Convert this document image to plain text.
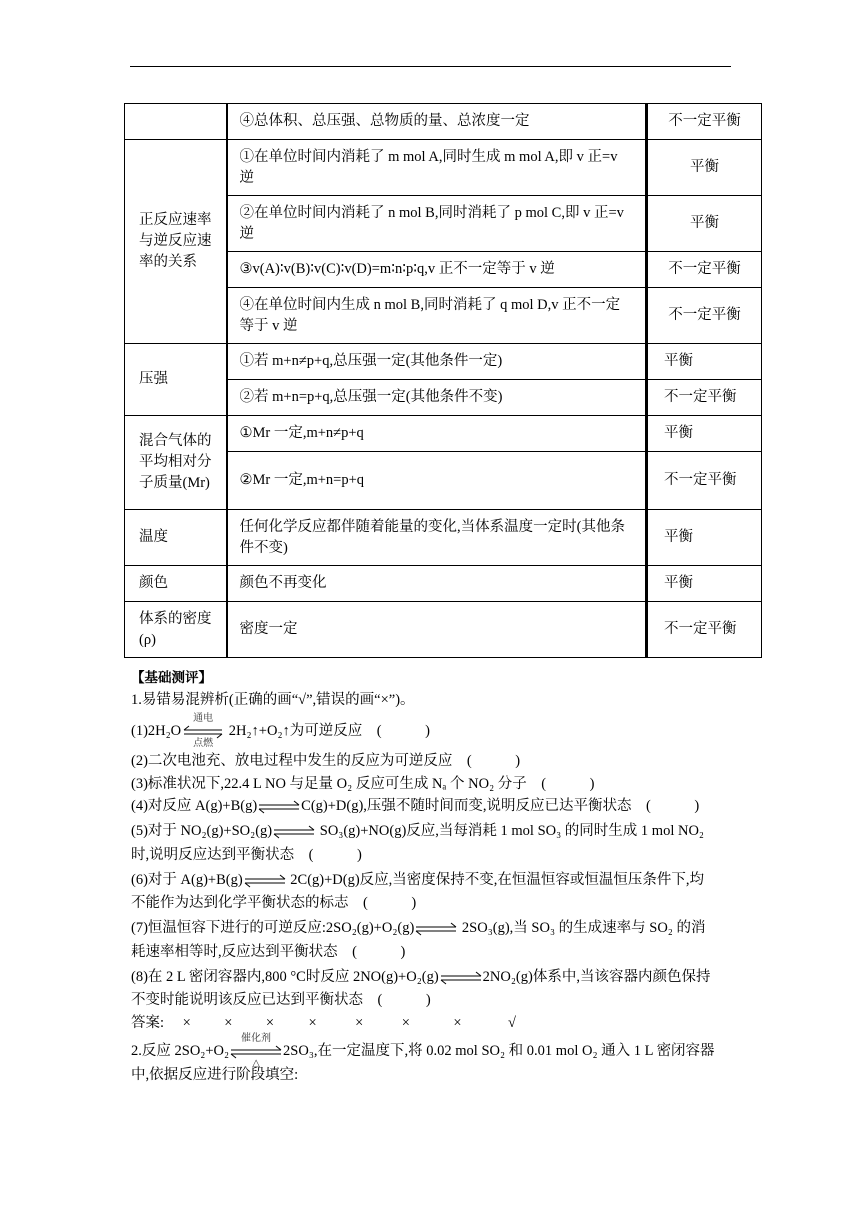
	④总体积、总压强、总物质的量、总浓度一定	不一定平衡
正反应速率与逆反应速率的关系	①在单位时间内消耗了 m mol A,同时生成 m mol A,即 v 正=v 逆	平衡
	②在单位时间内消耗了 n mol B,同时消耗了 p mol C,即 v 正=v 逆	平衡
	③v(A)∶v(B)∶v(C)∶v(D)=m∶n∶p∶q,v 正不一定等于 v 逆	不一定平衡
	④在单位时间内生成 n mol B,同时消耗了 q mol D,v 正不一定等于 v 逆	不一定平衡
压强	①若 m+n≠p+q,总压强一定(其他条件一定)	平衡
	②若 m+n=p+q,总压强一定(其他条件不变)	不一定平衡
混合气体的平均相对分子质量(Mr)	①Mr 一定,m+n≠p+q	平衡
	②Mr 一定,m+n=p+q	不一定平衡
温度	任何化学反应都伴随着能量的变化,当体系温度一定时(其他条件不变)	平衡
颜色	颜色不再变化	平衡
体系的密度(ρ)	密度一定	不一定平衡
【基础测评】
1.易错易混辨析(正确的画“√”,错误的画“×”)。
(1)2H₂O
通电
点燃
2H₂↑+O₂↑为可逆反应　(　　　)
(2)二次电池充、放电过程中发生的反应为可逆反应　(　　　)
(3)标准状况下,22.4 L NO 与足量 O₂ 反应可生成 Nₐ 个 NO₂ 分子　(　　　)
(4)对反应 A(g)+B(g)⇌C(g)+D(g),压强不随时间而变,说明反应已达平衡状态　(　　　)
(5)对于 NO₂(g)+SO₂(g)⇌ SO₃(g)+NO(g)反应,当每消耗 1 mol SO₃ 的同时生成 1 mol NO₂
时,说明反应达到平衡状态　(　　　)
(6)对于 A(g)+B(g)⇌ 2C(g)+D(g)反应,当密度保持不变,在恒温恒容或恒温恒压条件下,均
不能作为达到化学平衡状态的标志　(　　　)
(7)恒温恒容下进行的可逆反应:2SO₂(g)+O₂(g)⇌ 2SO₃(g),当 SO₃ 的生成速率与 SO₂ 的消
耗速率相等时,反应达到平衡状态　(　　　)
(8)在 2 L 密闭容器内,800 °C时反应 2NO(g)+O₂(g)⇌2NO₂(g)体系中,当该容器内颜色保持
不变时能说明该反应已达到平衡状态　(　　　)
答案: × × × ×	×	×	×	√
2.反应 2SO₂+O₂
催化剂
△
2SO₃,在一定温度下,将 0.02 mol SO₂ 和 0.01 mol O₂ 通入 1 L 密闭容器
中,依据反应进行阶段填空:
